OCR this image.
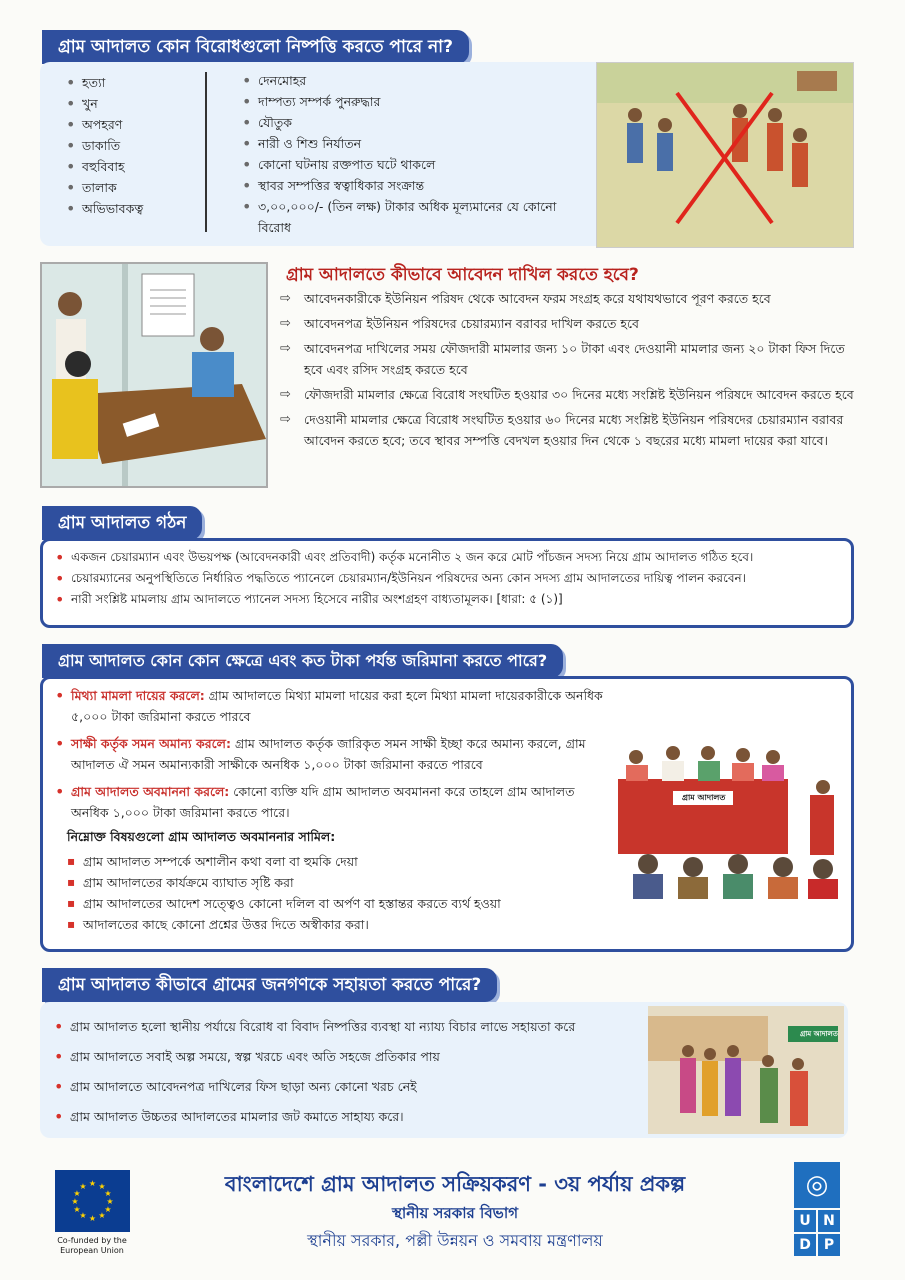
গ্রাম আদালত কোন বিরোধগুলো নিষ্পত্তি করতে পারে না?
• হত্যা
• খুন
• অপহরণ
• ডাকাতি
• বহুবিবাহ
• তালাক
• অভিভাবকত্ব
• দেনমোহর
• দাম্পত্য সম্পর্ক পুনরুদ্ধার
• যৌতুক
• নারী ও শিশু নির্যাতন
• কোনো ঘটনায় রক্তপাত ঘটে থাকলে
• স্থাবর সম্পত্তির স্বত্বাধিকার সংক্রান্ত
• ৩,০০,০০০/- (তিন লক্ষ) টাকার অধিক মূল্যমানের যে কোনো বিরোধ
গ্রাম আদালতে কীভাবে আবেদন দাখিল করতে হবে?
⇨ আবেদনকারীকে ইউনিয়ন পরিষদ থেকে আবেদন ফরম সংগ্রহ করে যথাযথভাবে পূরণ করতে হবে
⇨ আবেদনপত্র ইউনিয়ন পরিষদের চেয়ারম্যান বরাবর দাখিল করতে হবে
⇨ আবেদনপত্র দাখিলের সময় ফৌজদারী মামলার জন্য ১০ টাকা এবং দেওয়ানী মামলার জন্য ২০ টাকা ফিস দিতে হবে এবং রসিদ সংগ্রহ করতে হবে
⇨ ফৌজদারী মামলার ক্ষেত্রে বিরোধ সংঘটিত হওয়ার ৩০ দিনের মধ্যে সংশ্লিষ্ট ইউনিয়ন পরিষদে আবেদন করতে হবে
⇨ দেওয়ানী মামলার ক্ষেত্রে বিরোধ সংঘটিত হওয়ার ৬০ দিনের মধ্যে সংশ্লিষ্ট ইউনিয়ন পরিষদের চেয়ারম্যান বরাবর আবেদন করতে হবে; তবে স্থাবর সম্পত্তি বেদখল হওয়ার দিন থেকে ১ বছরের মধ্যে মামলা দায়ের করা যাবে।
গ্রাম আদালত গঠন
• একজন চেয়ারম্যান এবং উভয়পক্ষ (আবেদনকারী এবং প্রতিবাদী) কর্তৃক মনোনীত ২ জন করে মোট পাঁচজন সদস্য নিয়ে গ্রাম আদালত গঠিত হবে।
• চেয়ারম্যানের অনুপস্থিতিতে নির্ধারিত পদ্ধতিতে প্যানেলে চেয়ারম্যান/ইউনিয়ন পরিষদের অন্য কোন সদস্য গ্রাম আদালতের দায়িত্ব পালন করবেন।
• নারী সংশ্লিষ্ট মামলায় গ্রাম আদালতে প্যানেল সদস্য হিসেবে নারীর অংশগ্রহণ বাধ্যতামূলক। [ধারা: ৫ (১)]
গ্রাম আদালত কোন কোন ক্ষেত্রে এবং কত টাকা পর্যন্ত জরিমানা করতে পারে?
• মিথ্যা মামলা দায়ের করলে: গ্রাম আদালতে মিথ্যা মামলা দায়ের করা হলে মিথ্যা মামলা দায়েরকারীকে অনধিক ৫,০০০ টাকা জরিমানা করতে পারবে
• সাক্ষী কর্তৃক সমন অমান্য করলে: গ্রাম আদালত কর্তৃক জারিকৃত সমন সাক্ষী ইচ্ছা করে অমান্য করলে, গ্রাম আদালত ঐ সমন অমান্যকারী সাক্ষীকে অনধিক ১,০০০ টাকা জরিমানা করতে পারবে
• গ্রাম আদালত অবমাননা করলে: কোনো ব্যক্তি যদি গ্রাম আদালত অবমাননা করে তাহলে গ্রাম আদালত অনধিক ১,০০০ টাকা জরিমানা করতে পারে।
নিম্নোক্ত বিষয়গুলো গ্রাম আদালত অবমাননার সামিল:
▪ গ্রাম আদালত সম্পর্কে অশালীন কথা বলা বা হুমকি দেয়া
▪ গ্রাম আদালতের কার্যক্রমে ব্যাঘাত সৃষ্টি করা
▪ গ্রাম আদালতের আদেশ সত্ত্বেও কোনো দলিল বা অর্পণ বা হস্তান্তর করতে ব্যর্থ হওয়া
▪ আদালতের কাছে কোনো প্রশ্নের উত্তর দিতে অস্বীকার করা।
গ্রাম আদালত
গ্রাম আদালত কীভাবে গ্রামের জনগণকে সহায়তা করতে পারে?
• গ্রাম আদালত হলো স্থানীয় পর্যায়ে বিরোধ বা বিবাদ নিষ্পত্তির ব্যবস্থা যা ন্যায্য বিচার লাভে সহায়তা করে
• গ্রাম আদালতে সবাই অল্প সময়ে, স্বল্প খরচে এবং অতি সহজে প্রতিকার পায়
• গ্রাম আদালতে আবেদনপত্র দাখিলের ফিস ছাড়া অন্য কোনো খরচ নেই
• গ্রাম আদালত উচ্চতর আদালতের মামলার জট কমাতে সাহায্য করে।
গ্রাম আদালত
★ ★
★
★
★
★
★
★
★
★
★
★
Co-funded by the European Union
বাংলাদেশে গ্রাম আদালত সক্রিয়করণ - ৩য় পর্যায় প্রকল্প
স্থানীয় সরকার বিভাগ
স্থানীয় সরকার, পল্লী উন্নয়ন ও সমবায় মন্ত্রণালয়
◎
U N
D P
